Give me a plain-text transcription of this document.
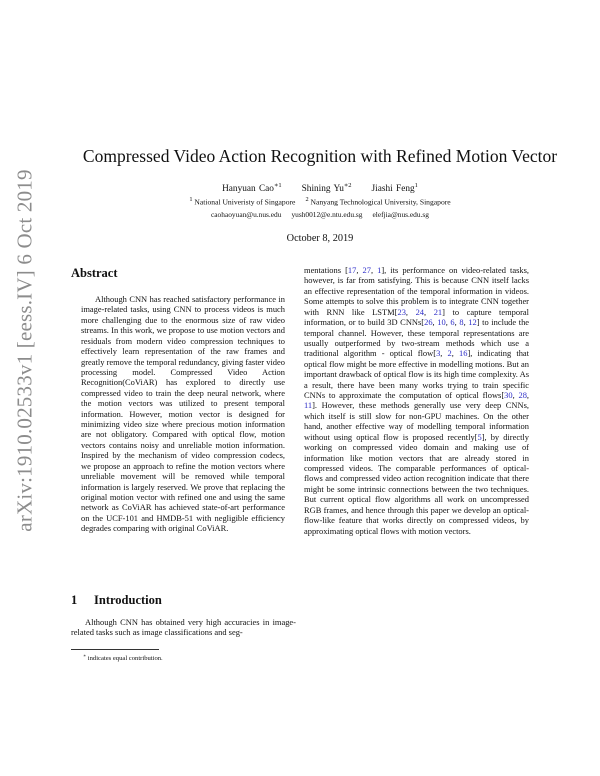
arXiv:1910.02533v1 [eess.IV] 6 Oct 2019
Compressed Video Action Recognition with Refined Motion Vector
Hanyuan Cao$^{∗1}$ Shining $Yu^{∗2}$ Jiashi Feng$^1$
$^1$ National Univeristy of Singapore $^2$ Nanyang Technological University, Singapore
caohaoyuan@u.nus.edu yush0012@e.ntu.edu.sg elefjia@nus.edu.sg
October 8, 2019
Abstract

Although CNN has reached satisfactory performance in image-related tasks, using CNN to process videos is much more challenging due to the enormous size of raw video streams. In this work, we propose to use motion vectors and residuals from modern video compression techniques to effectively learn representation of the raw frames and greatly remove the temporal redundancy, giving faster video processing model. Compressed Video Action Recognition(CoViAR) has explored to directly use compressed video to train the deep neural network, where the motion vectors was utilized to present temporal information. However, motion vector is designed for minimizing video size where precious motion information are not obligatory. Compared with optical flow, motion vectors contains noisy and unreliable motion information. Inspired by the mechanism of video compression codecs, we propose an approach to refine the motion vectors where unreliable movement will be removed while temporal information is largely reserved. We prove that replacing the original motion vector with refined one and using the same network as CoViAR has achieved state-of-art performance on the UCF-101 and HMDB-51 with negligible efficiency degrades comparing with original CoViAR.

1 Introduction

Although CNN has obtained very high accuracies in image-related tasks such as image classifications and seg-

mentations [17, 27, 1], its performance on video-related tasks, however, is far from satisfying. This is because CNN itself lacks an effective representation of the temporal information in videos. Some attempts to solve this problem is to integrate CNN together with RNN like LSTM[23, 24, 21] to capture temporal information, or to build 3D CNNs[26, 10, 6, 8, 12] to include the temporal channel. However, these temporal representations are usually outperformed by two-stream methods which use a traditional algorithm - optical flow[3, 2, 16], indicating that optical flow might be more effective in modelling motions. But an important drawback of optical flow is its high time complexity. As a result, there have been many works trying to train specific CNNs to approximate the computation of optical flows[30, 28, 11]. However, these methods generally use very deep CNNs, which itself is still slow for non-GPU machines. On the other hand, another effective way of modelling temporal information without using optical flow is proposed recently[5], by directly working on compressed video domain and making use of information like motion vectors that are already stored in compressed videos. The comparable performances of optical-flows and compressed video action recognition indicate that there might be some intrinsic connections between the two techniques. But current optical flow algorithms all work on uncompressed RGB frames, and hence through this paper we develop an optical-flow-like feature that works directly on compressed videos, by approximating optical flows with motion vectors.

∗ indicates equal contribution.
